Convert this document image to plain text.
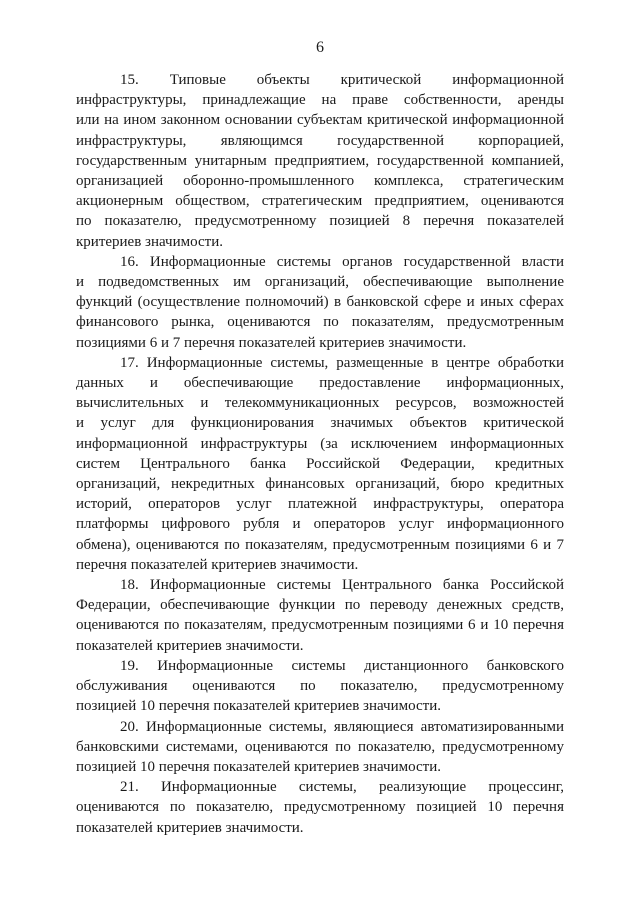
6
15. Типовые объекты критической информационной
инфраструктуры, принадлежащие на праве собственности, аренды
или на ином законном основании субъектам критической информационной
инфраструктуры, являющимся государственной корпорацией,
государственным унитарным предприятием, государственной компанией,
организацией оборонно-промышленного комплекса, стратегическим
акционерным обществом, стратегическим предприятием, оцениваются
по показателю, предусмотренному позицией 8 перечня показателей
критериев значимости.
16. Информационные системы органов государственной власти
и подведомственных им организаций, обеспечивающие выполнение
функций (осуществление полномочий) в банковской сфере и иных сферах
финансового рынка, оцениваются по показателям, предусмотренным
позициями 6 и 7 перечня показателей критериев значимости.
17. Информационные системы, размещенные в центре обработки
данных и обеспечивающие предоставление информационных,
вычислительных и телекоммуникационных ресурсов, возможностей
и услуг для функционирования значимых объектов критической
информационной инфраструктуры (за исключением информационных
систем Центрального банка Российской Федерации, кредитных
организаций, некредитных финансовых организаций, бюро кредитных
историй, операторов услуг платежной инфраструктуры, оператора
платформы цифрового рубля и операторов услуг информационного
обмена), оцениваются по показателям, предусмотренным позициями 6 и 7
перечня показателей критериев значимости.
18. Информационные системы Центрального банка Российской
Федерации, обеспечивающие функции по переводу денежных средств,
оцениваются по показателям, предусмотренным позициями 6 и 10 перечня
показателей критериев значимости.
19. Информационные системы дистанционного банковского
обслуживания оцениваются по показателю, предусмотренному
позицией 10 перечня показателей критериев значимости.
20. Информационные системы, являющиеся автоматизированными
банковскими системами, оцениваются по показателю, предусмотренному
позицией 10 перечня показателей критериев значимости.
21. Информационные системы, реализующие процессинг,
оцениваются по показателю, предусмотренному позицией 10 перечня
показателей критериев значимости.
